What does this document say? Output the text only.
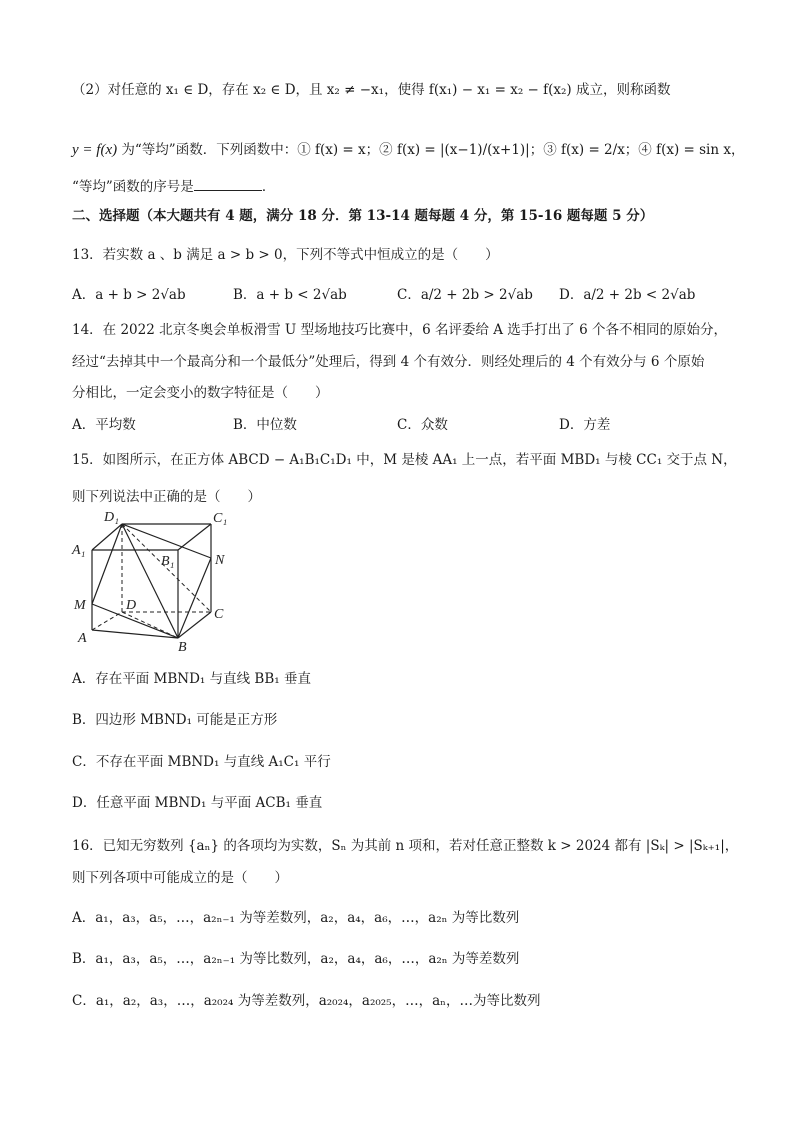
（2）对任意的 x₁ ∈ D，存在 x₂ ∈ D，且 x₂ ≠ −x₁，使得 f(x₁) − x₁ = x₂ − f(x₂) 成立，则称函数
y = f(x) 为“等均”函数．下列函数中：① f(x) = x；② f(x) = |(x−1)/(x+1)|；③ f(x) = 2/x；④ f(x) = sin x，
“等均”函数的序号是	．
二、选择题（本大题共有 4 题，满分 18 分．第 13-14 题每题 4 分，第 15-16 题每题 5 分）
13．若实数 a 、b 满足 a > b > 0，下列不等式中恒成立的是（　　）
A．a + b > 2√ab	B．a + b < 2√ab	C．a/2 + 2b > 2√ab D．a/2 + 2b < 2√ab
14．在 2022 北京冬奥会单板滑雪 U 型场地技巧比赛中，6 名评委给 A 选手打出了 6 个各不相同的原始分，
经过“去掉其中一个最高分和一个最低分”处理后，得到 4 个有效分．则经处理后的 4 个有效分与 6 个原始
分相比，一定会变小的数字特征是（　　）
A．平均数	B．中位数	C．众数	D．方差
15．如图所示，在正方体 ABCD − A₁B₁C₁D₁ 中，M 是棱 AA₁ 上一点，若平面 MBD₁ 与棱 CC₁ 交于点 N，
则下列说法中正确的是（　　）
D₁	C₁
A₁
B₁	N
M	D
C
A
B
A．存在平面 MBND₁ 与直线 BB₁ 垂直
B．四边形 MBND₁ 可能是正方形
C．不存在平面 MBND₁ 与直线 A₁C₁ 平行
D．任意平面 MBND₁ 与平面 ACB₁ 垂直
16．已知无穷数列 {aₙ} 的各项均为实数，Sₙ 为其前 n 项和，若对任意正整数 k > 2024 都有 |Sₖ| > |Sₖ₊₁|，
则下列各项中可能成立的是（　　）
A．a₁，a₃，a₅，…，a₂ₙ₋₁ 为等差数列，a₂，a₄，a₆，…，a₂ₙ 为等比数列
B．a₁，a₃，a₅，…，a₂ₙ₋₁ 为等比数列，a₂，a₄，a₆，…，a₂ₙ 为等差数列
C．a₁，a₂，a₃，…，a₂₀₂₄ 为等差数列，a₂₀₂₄，a₂₀₂₅，…，aₙ，…为等比数列
